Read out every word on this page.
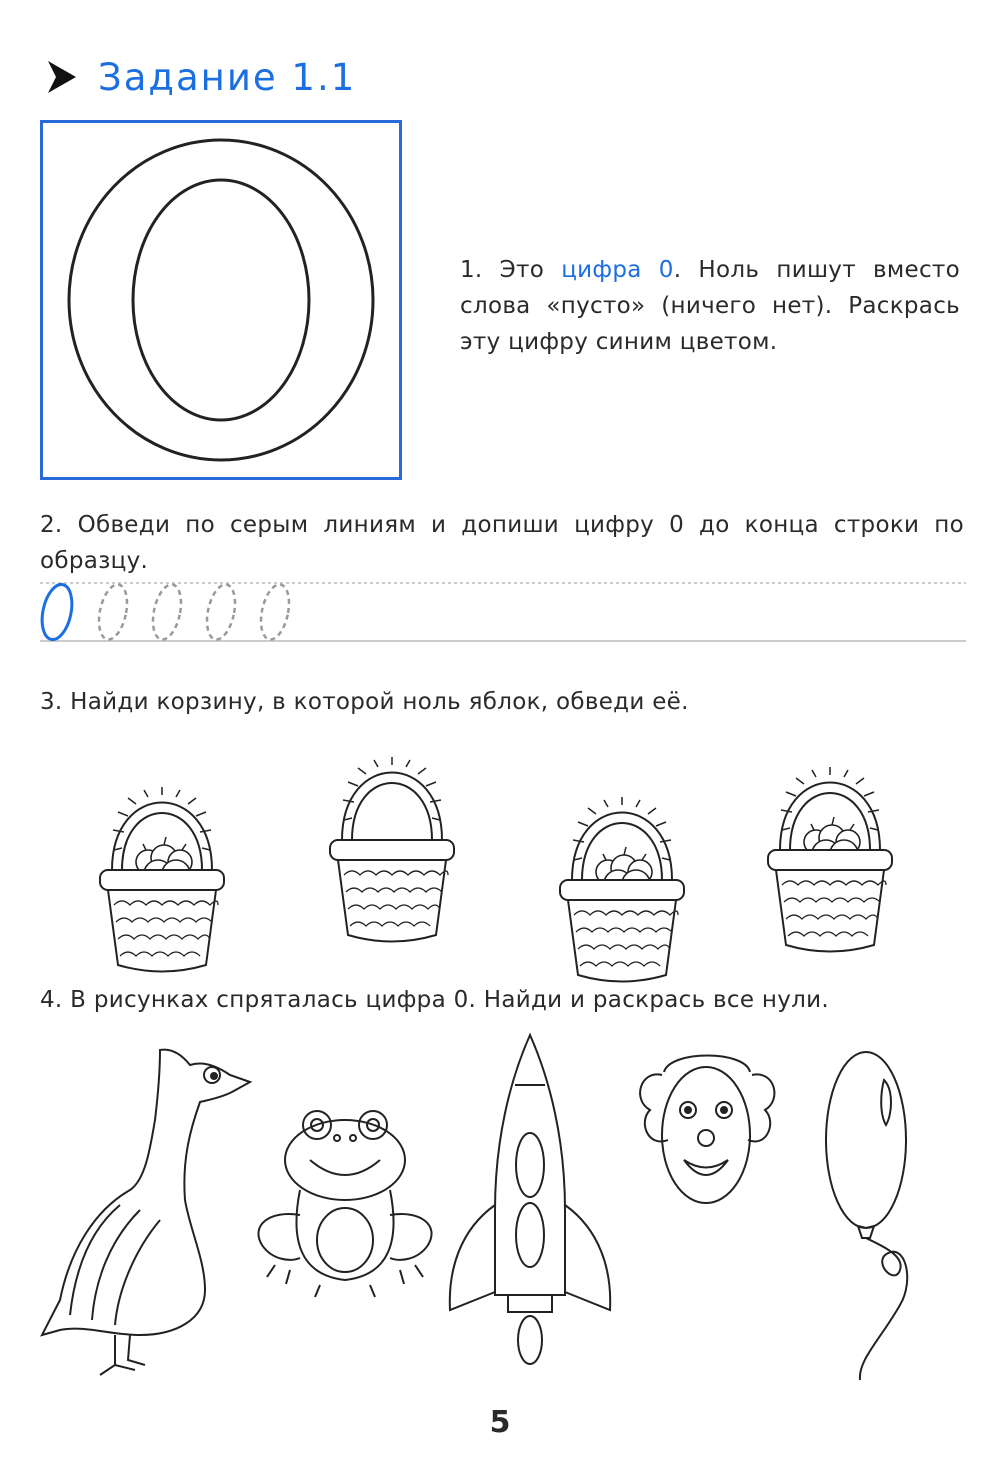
Задание 1.1
1. Это цифра 0. Ноль пишут вместо слова «пусто» (ничего нет). Раскрась эту цифру синим цветом.
2. Обведи по серым линиям и допиши цифру 0 до конца строки по образцу.
3. Найди корзину, в которой ноль яблок, обведи её.
4. В рисунках спряталась цифра 0. Найди и раскрась все нули.
5
